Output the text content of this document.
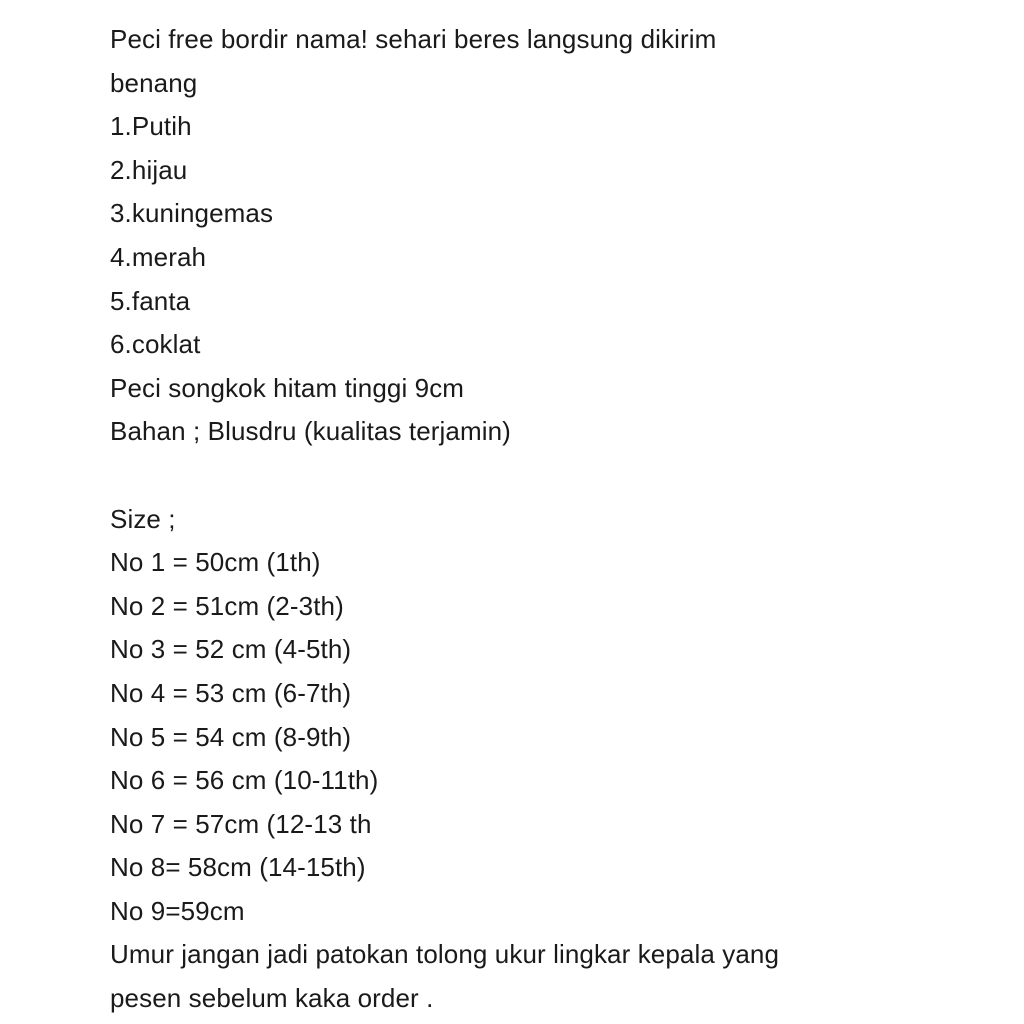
Peci free bordir nama! sehari beres langsung dikirim
benang
1.Putih
2.hijau
3.kuningemas
4.merah
5.fanta
6.coklat
Peci songkok hitam tinggi 9cm
Bahan ; Blusdru (kualitas terjamin)
Size ;
No 1 = 50cm (1th)
No 2 = 51cm (2-3th)
No 3 = 52 cm (4-5th)
No 4 = 53 cm (6-7th)
No 5 = 54 cm (8-9th)
No 6 = 56 cm (10-11th)
No 7 = 57cm (12-13 th
No 8= 58cm (14-15th)
No 9=59cm
Umur jangan jadi patokan tolong ukur lingkar kepala yang
pesen sebelum kaka order .
